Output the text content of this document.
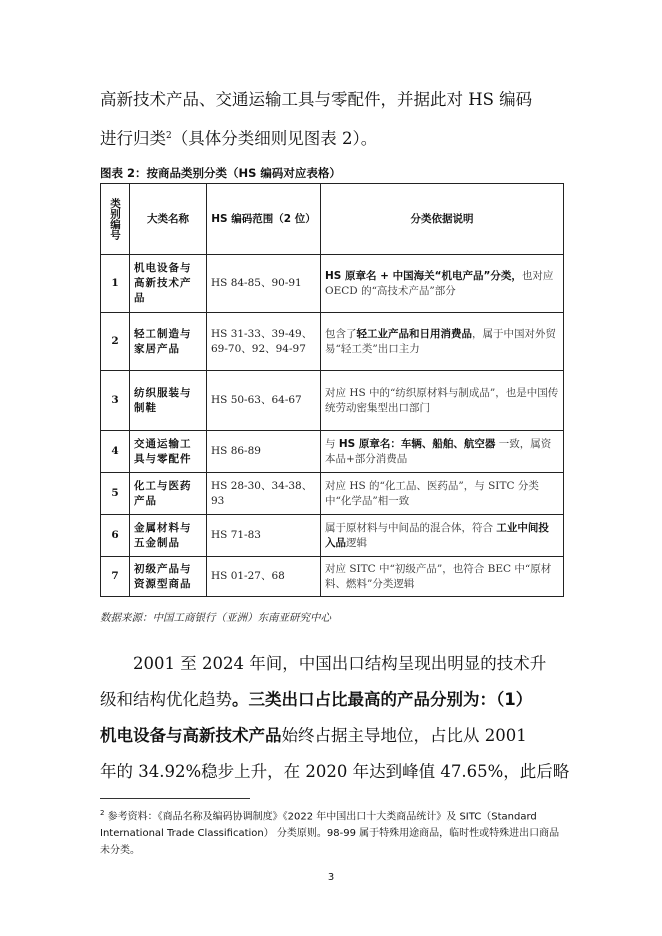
高新技术产品、交通运输工具与零配件，并据此对 HS 编码
进行归类$^2$（具体分类细则见图表 2）。
图表 2：按商品类别分类（HS 编码对应表格）
类别编号	大类名称	HS 编码范围（2 位）	分类依据说明
1	机电设备与高新技术产品	HS 84-85、90-91	HS 原章名 + 中国海关“机电产品”分类，也对应 OECD 的“高技术产品”部分
2	轻工制造与家居产品	HS 31-33、39-49、69-70、92、94-97	包含了轻工业产品和日用消费品，属于中国对外贸易“轻工类”出口主力
3	纺织服装与制鞋	HS 50-63、64-67	对应 HS 中的“纺织原材料与制成品”，也是中国传统劳动密集型出口部门
4	交通运输工具与零配件	HS 86-89	与 HS 原章名：车辆、船舶、航空器 一致，属资本品+部分消费品
5	化工与医药产品	HS 28-30、34-38、93	对应 HS 的“化工品、医药品”，与 SITC 分类中“化学品”相一致
6	金属材料与五金制品	HS 71-83	属于原材料与中间品的混合体，符合 工业中间投入品逻辑
7	初级产品与资源型商品	HS 01-27、68	对应 SITC 中“初级产品”，也符合 BEC 中“原材料、燃料”分类逻辑
数据来源：中国工商银行（亚洲）东南亚研究中心
2001 至 2024 年间，中国出口结构呈现出明显的技术升
级和结构优化趋势。三类出口占比最高的产品分别为：（1）
机电设备与高新技术产品始终占据主导地位，占比从 2001
年的 34.92%稳步上升，在 2020 年达到峰值 47.65%，此后略
$^2$ 参考资料：《商品名称及编码协调制度》《2022 年中国出口十大类商品统计》及 SITC（Standard International Trade Classification） 分类原则。98-99 属于特殊用途商品，临时性或特殊进出口商品未分类。
3
